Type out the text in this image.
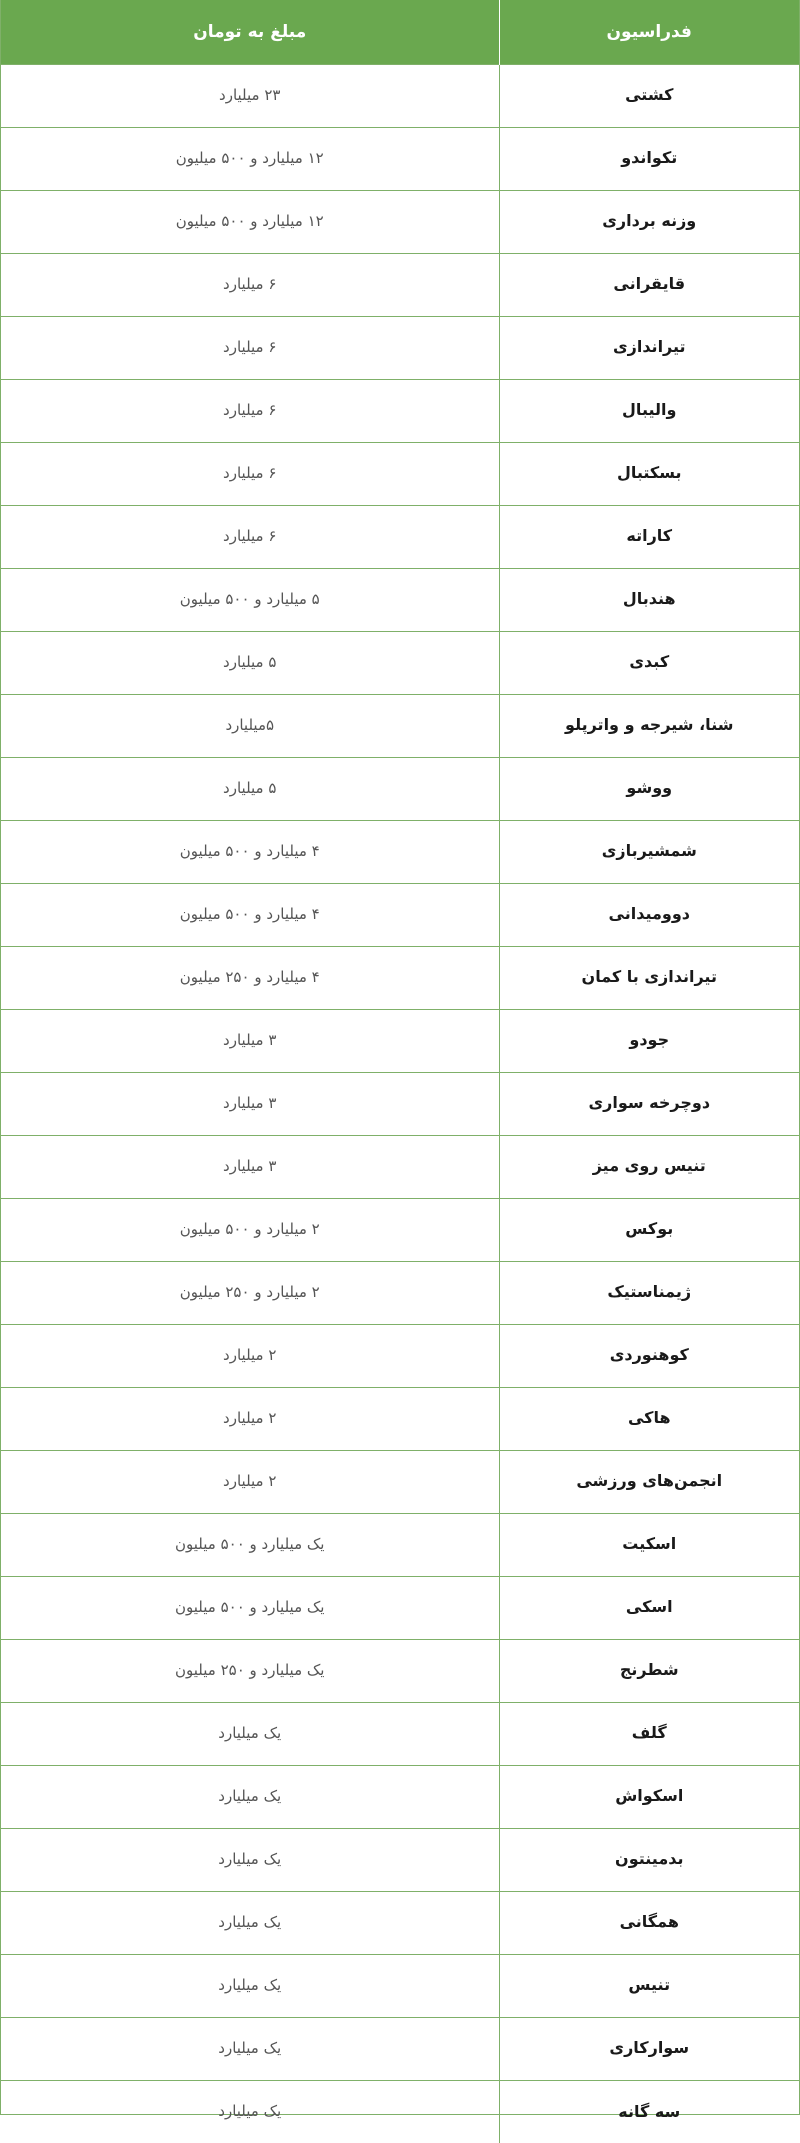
فدراسیون	مبلغ به تومان
کشتی	۲۳ میلیارد
تکواندو	۱۲ میلیارد و ۵۰۰ میلیون
وزنه برداری	۱۲ میلیارد و ۵۰۰ میلیون
قایقرانی	۶ میلیارد
تیراندازی	۶ میلیارد
والیبال	۶ میلیارد
بسکتبال	۶ میلیارد
کاراته	۶ میلیارد
هندبال	۵ میلیارد و ۵۰۰ میلیون
کبدی	۵ میلیارد
شنا، شیرجه و واترپلو	۵میلیارد
ووشو	۵ میلیارد
شمشیربازی	۴ میلیارد و ۵۰۰ میلیون
دوومیدانی	۴ میلیارد و ۵۰۰ میلیون
تیراندازی با کمان	۴ میلیارد و ۲۵۰ میلیون
جودو	۳ میلیارد
دوچرخه سواری	۳ میلیارد
تنیس روی میز	۳ میلیارد
بوکس	۲ میلیارد و ۵۰۰ میلیون
ژیمناستیک	۲ میلیارد و ۲۵۰ میلیون
کوهنوردی	۲ میلیارد
هاکی	۲ میلیارد
انجمن‌های ورزشی	۲ میلیارد
اسکیت	یک میلیارد و ۵۰۰ میلیون
اسکی	یک میلیارد و ۵۰۰ میلیون
شطرنج	یک میلیارد و ۲۵۰ میلیون
گلف	یک میلیارد
اسکواش	یک میلیارد
بدمینتون	یک میلیارد
همگانی	یک میلیارد
تنیس	یک میلیارد
سوارکاری	یک میلیارد
سه گانه	یک میلیارد
